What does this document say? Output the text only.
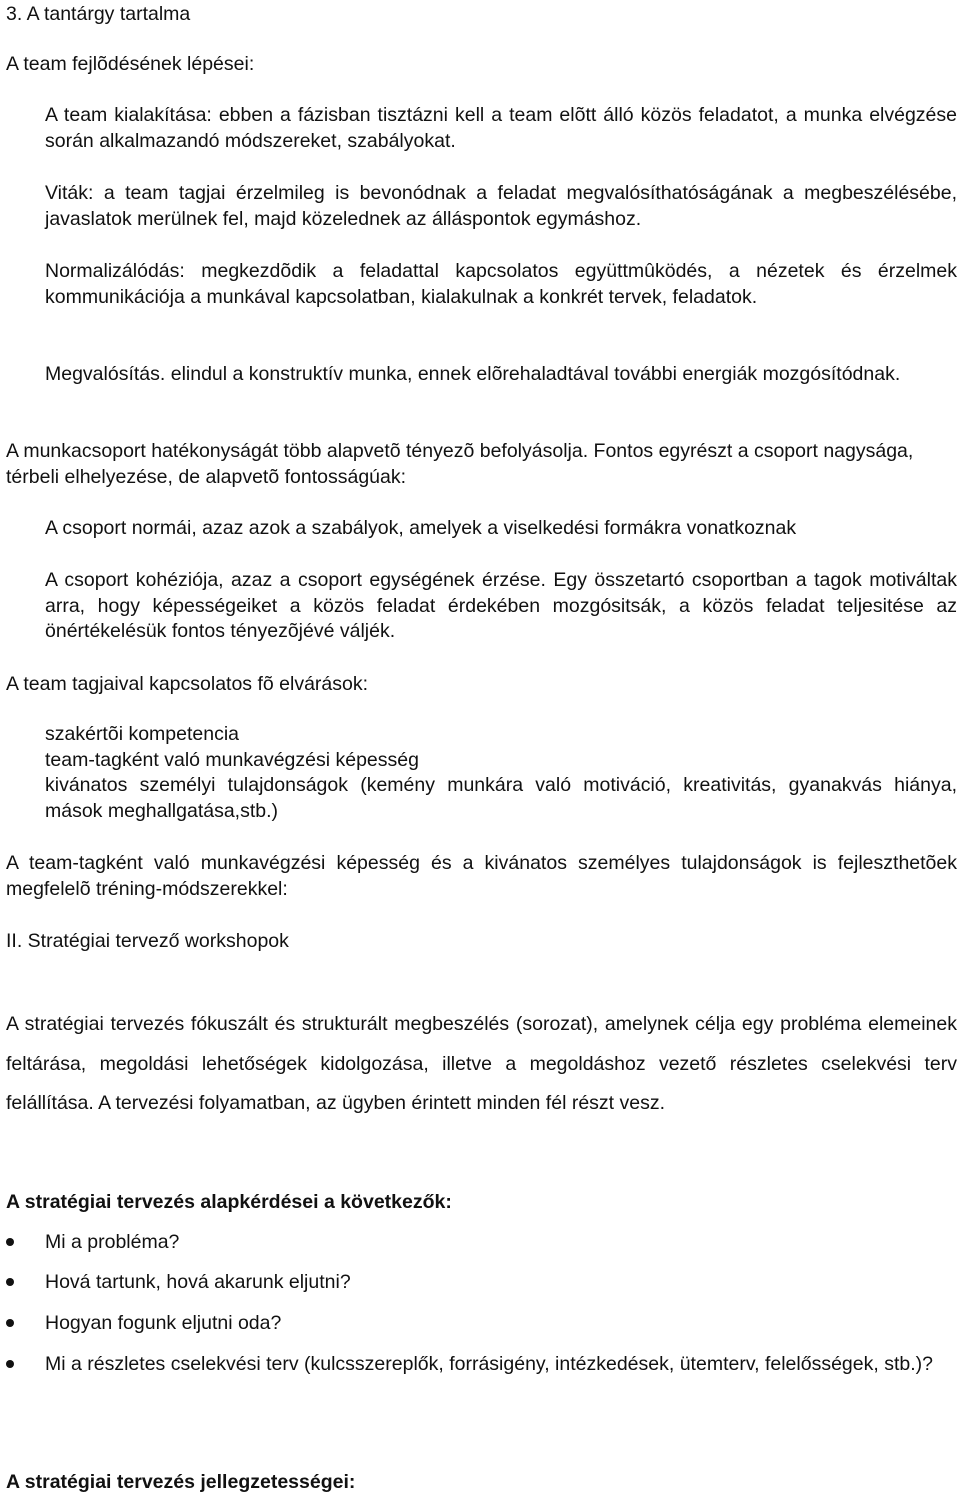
3. A tantárgy tartalma
A team fejlõdésének lépései:
A team kialakítása: ebben a fázisban tisztázni kell a team elõtt álló közös feladatot, a munka elvégzése során alkalmazandó módszereket, szabályokat.
Viták: a team tagjai érzelmileg is bevonódnak a feladat megvalósíthatóságának a megbeszélésébe, javaslatok merülnek fel, majd közelednek az álláspontok egymáshoz.
Normalizálódás: megkezdõdik a feladattal kapcsolatos együttmûködés, a nézetek és érzelmek kommunikációja a munkával kapcsolatban, kialakulnak a konkrét tervek, feladatok.
Megvalósítás. elindul a konstruktív munka, ennek elõrehaladtával további energiák mozgósítódnak.
A munkacsoport hatékonyságát több alapvetõ tényezõ befolyásolja. Fontos egyrészt a csoport nagysága, térbeli elhelyezése, de alapvetõ fontosságúak:
A csoport normái, azaz azok a szabályok, amelyek a viselkedési formákra vonatkoznak
A csoport kohéziója, azaz a csoport egységének érzése. Egy összetartó csoportban a tagok motiváltak arra, hogy képességeiket a közös feladat érdekében mozgósitsák, a közös feladat teljesitése az önértékelésük fontos tényezõjévé váljék.
A team tagjaival kapcsolatos fõ elvárások:
szakértõi kompetencia
team-tagként való munkavégzési képesség
kivánatos személyi tulajdonságok (kemény munkára való motiváció, kreativitás, gyanakvás hiánya, mások meghallgatása,stb.)
A team-tagként való munkavégzési képesség és a kivánatos személyes tulajdonságok is fejleszthetõek megfelelõ tréning-módszerekkel:
II. Stratégiai tervező workshopok
A stratégiai tervezés fókuszált és strukturált megbeszélés (sorozat), amelynek célja egy probléma elemeinek feltárása, megoldási lehetőségek kidolgozása, illetve a megoldáshoz vezető részletes cselekvési terv felállítása. A tervezési folyamatban, az ügyben érintett minden fél részt vesz.
A stratégiai tervezés alapkérdései a következők:
Mi a probléma?
Hová tartunk, hová akarunk eljutni?
Hogyan fogunk eljutni oda?
Mi a részletes cselekvési terv (kulcsszereplők, forrásigény, intézkedések, ütemterv, felelősségek, stb.)?
A stratégiai tervezés jellegzetességei:
